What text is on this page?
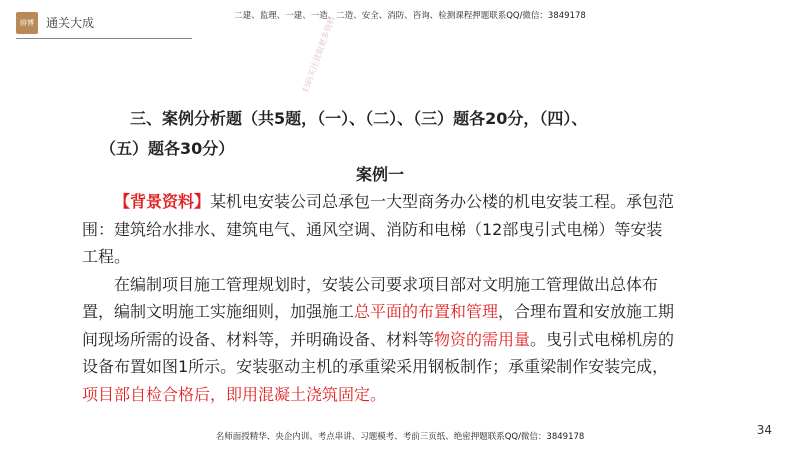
緋博	通关大成	二建、监理、一建、一造、二造、安全、消防、咨询、检测课程押题联系QQ/微信：3849178
扫码关注获取更多资料
三、案例分析题（共5题，（一）、（二）、（三）题各20分，（四）、
（五）题各30分）
案例一

【背景资料】某机电安装公司总承包一大型商务办公楼的机电安装工程。承包范围：建筑给水排水、建筑电气、通风空调、消防和电梯（12部曳引式电梯）等安装工程。

在编制项目施工管理规划时，安装公司要求项目部对文明施工管理做出总体布置，编制文明施工实施细则，加强施工总平面的布置和管理，合理布置和安放施工期间现场所需的设备、材料等，并明确设备、材料等物资的需用量。曳引式电梯机房的设备布置如图1所示。安装驱动主机的承重梁采用钢板制作；承重梁制作安装完成，项目部自检合格后，即用混凝土浇筑固定。

名师面授精华、央企内训、考点串讲、习题模考、考前三页纸、绝密押题联系QQ/微信：3849178	34
